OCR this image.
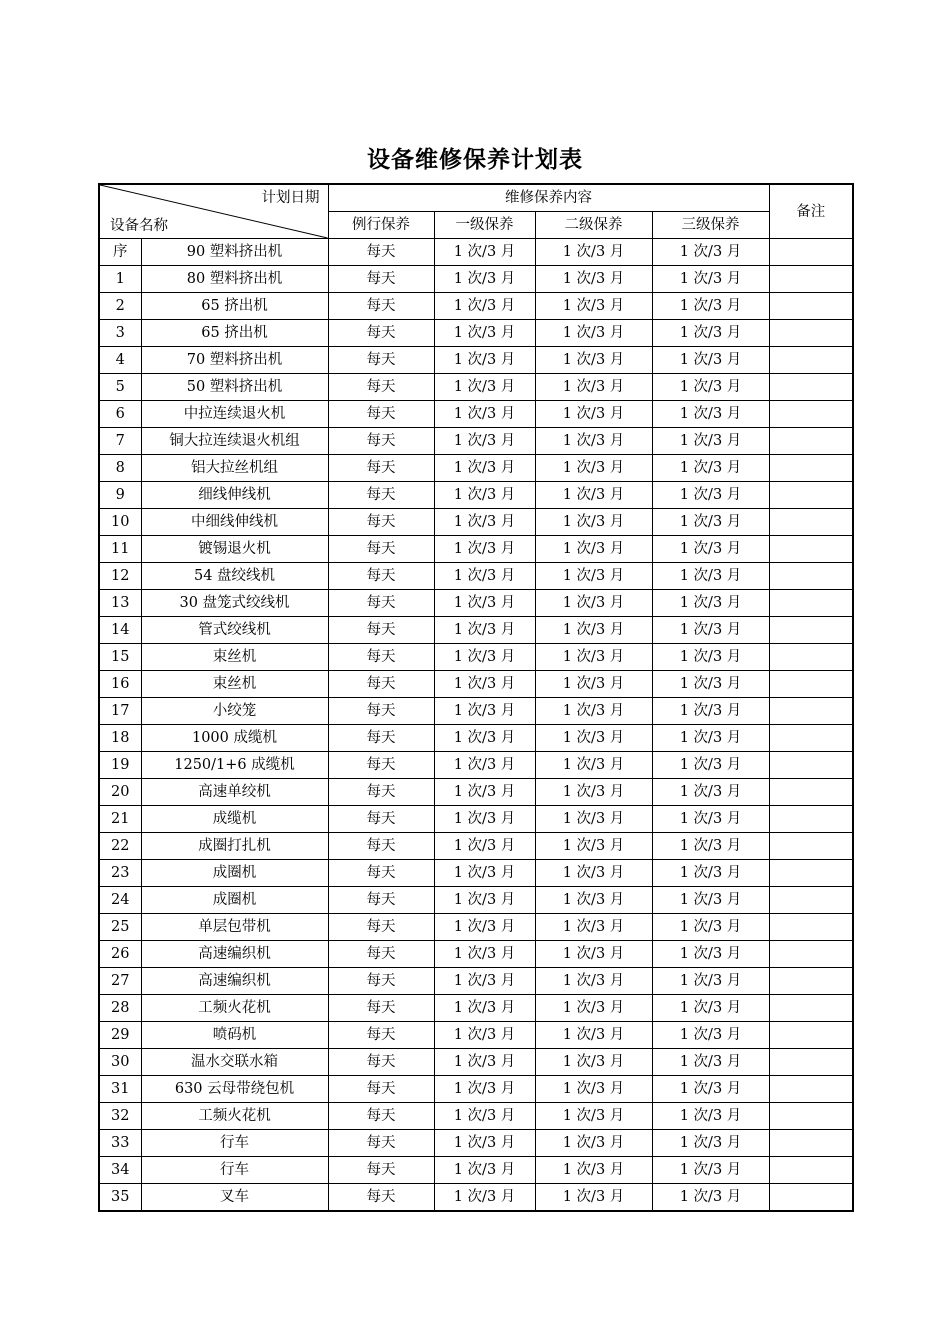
设备维修保养计划表
计划日期
设备名称		维修保养内容				备注
		例行保养	一级保养	二级保养	三级保养	
序	90 塑料挤出机	每天	1 次/3 月	1 次/3 月	1 次/3 月	
1	80 塑料挤出机	每天	1 次/3 月	1 次/3 月	1 次/3 月	
2	65 挤出机	每天	1 次/3 月	1 次/3 月	1 次/3 月	
3	65 挤出机	每天	1 次/3 月	1 次/3 月	1 次/3 月	
4	70 塑料挤出机	每天	1 次/3 月	1 次/3 月	1 次/3 月	
5	50 塑料挤出机	每天	1 次/3 月	1 次/3 月	1 次/3 月	
6	中拉连续退火机	每天	1 次/3 月	1 次/3 月	1 次/3 月	
7	铜大拉连续退火机组	每天	1 次/3 月	1 次/3 月	1 次/3 月	
8	铝大拉丝机组	每天	1 次/3 月	1 次/3 月	1 次/3 月	
9	细线伸线机	每天	1 次/3 月	1 次/3 月	1 次/3 月	
10	中细线伸线机	每天	1 次/3 月	1 次/3 月	1 次/3 月	
11	镀锡退火机	每天	1 次/3 月	1 次/3 月	1 次/3 月	
12	54 盘绞线机	每天	1 次/3 月	1 次/3 月	1 次/3 月	
13	30 盘笼式绞线机	每天	1 次/3 月	1 次/3 月	1 次/3 月	
14	管式绞线机	每天	1 次/3 月	1 次/3 月	1 次/3 月	
15	束丝机	每天	1 次/3 月	1 次/3 月	1 次/3 月	
16	束丝机	每天	1 次/3 月	1 次/3 月	1 次/3 月	
17	小绞笼	每天	1 次/3 月	1 次/3 月	1 次/3 月	
18	1000 成缆机	每天	1 次/3 月	1 次/3 月	1 次/3 月	
19	1250/1+6 成缆机	每天	1 次/3 月	1 次/3 月	1 次/3 月	
20	高速单绞机	每天	1 次/3 月	1 次/3 月	1 次/3 月	
21	成缆机	每天	1 次/3 月	1 次/3 月	1 次/3 月	
22	成圈打扎机	每天	1 次/3 月	1 次/3 月	1 次/3 月	
23	成圈机	每天	1 次/3 月	1 次/3 月	1 次/3 月	
24	成圈机	每天	1 次/3 月	1 次/3 月	1 次/3 月	
25	单层包带机	每天	1 次/3 月	1 次/3 月	1 次/3 月	
26	高速编织机	每天	1 次/3 月	1 次/3 月	1 次/3 月	
27	高速编织机	每天	1 次/3 月	1 次/3 月	1 次/3 月	
28	工频火花机	每天	1 次/3 月	1 次/3 月	1 次/3 月	
29	喷码机	每天	1 次/3 月	1 次/3 月	1 次/3 月	
30	温水交联水箱	每天	1 次/3 月	1 次/3 月	1 次/3 月	
31	630 云母带绕包机	每天	1 次/3 月	1 次/3 月	1 次/3 月	
32	工频火花机	每天	1 次/3 月	1 次/3 月	1 次/3 月	
33	行车	每天	1 次/3 月	1 次/3 月	1 次/3 月	
34	行车	每天	1 次/3 月	1 次/3 月	1 次/3 月	
35	叉车	每天	1 次/3 月	1 次/3 月	1 次/3 月	
